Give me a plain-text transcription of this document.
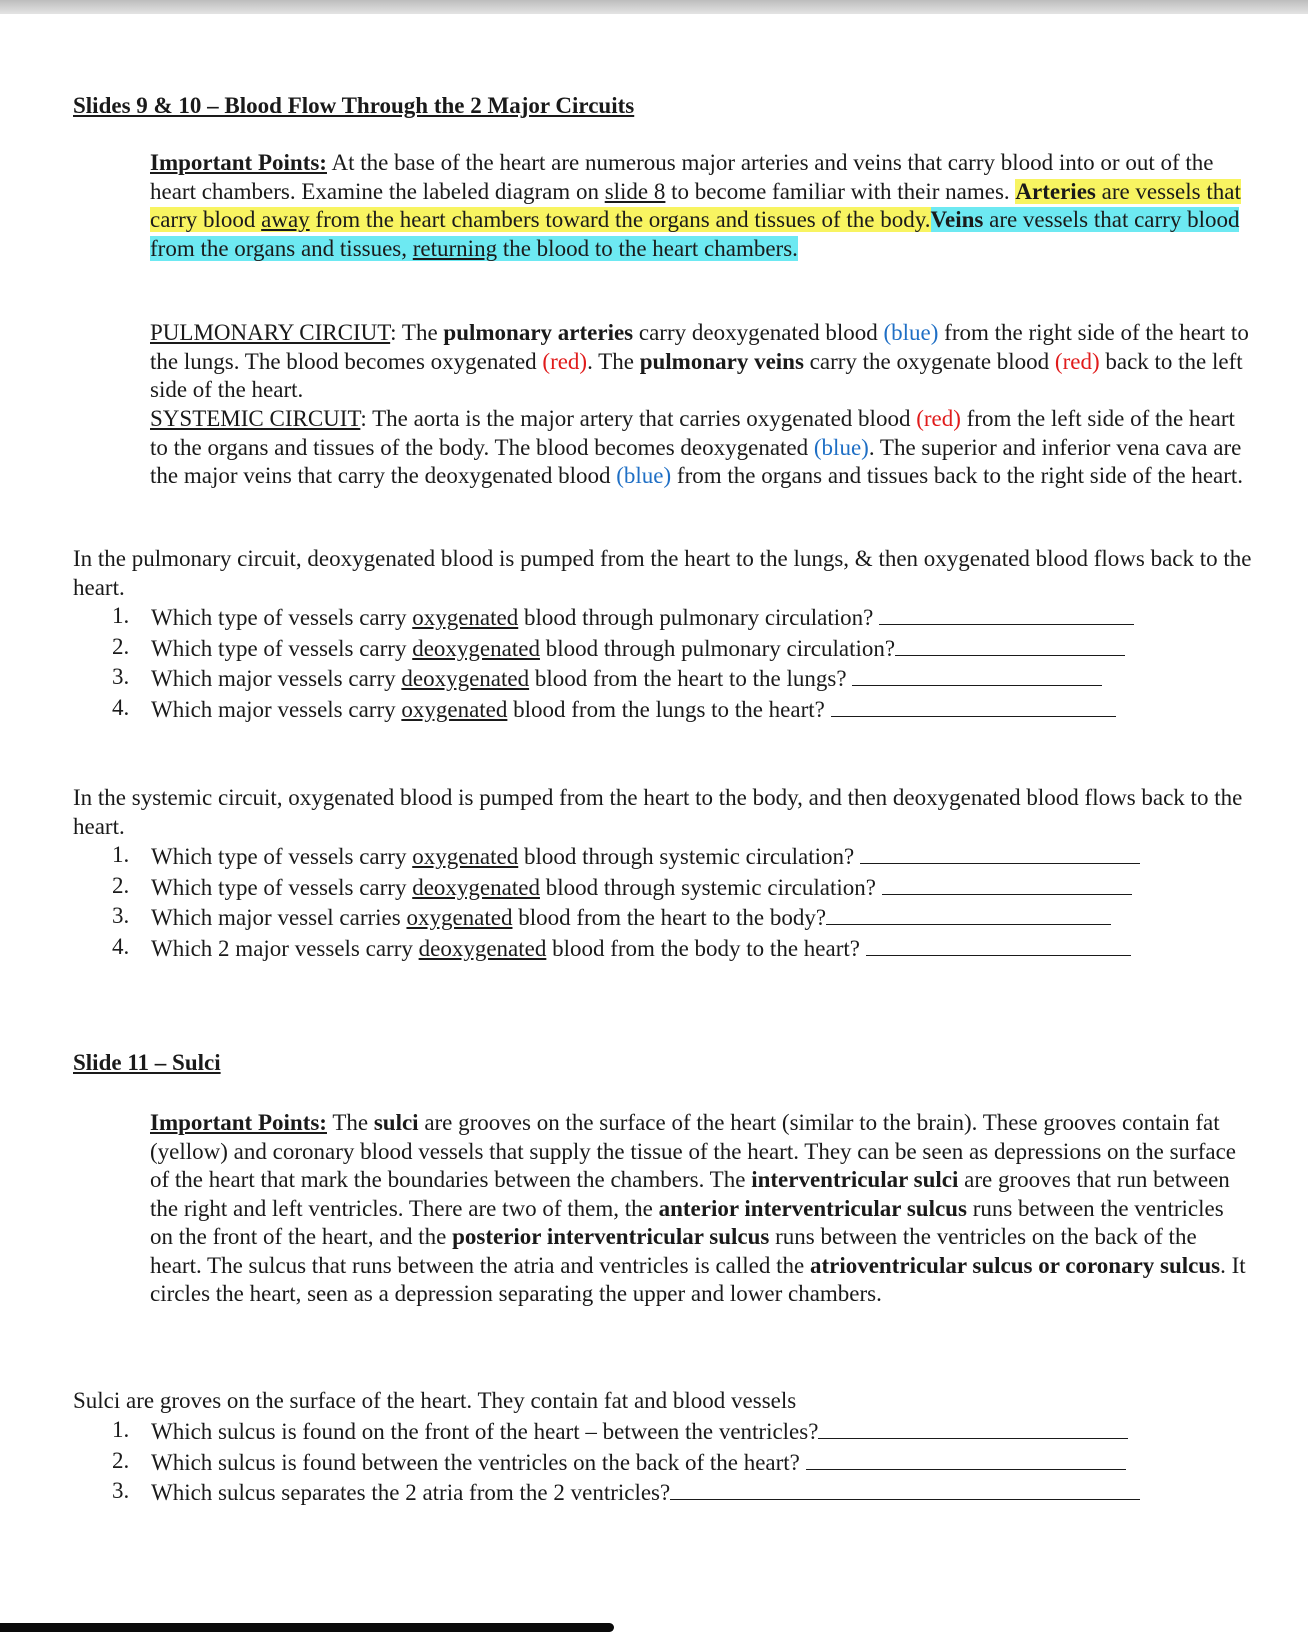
Slides 9 & 10 – Blood Flow Through the 2 Major Circuits

Important Points: At the base of the heart are numerous major arteries and veins that carry blood into or out of the heart chambers. Examine the labeled diagram on slide 8 to become familiar with their names. Arteries are vessels that carry blood away from the heart chambers toward the organs and tissues of the body.Veins are vessels that carry blood from the organs and tissues, returning the blood to the heart chambers.

PULMONARY CIRCIUT: The pulmonary arteries carry deoxygenated blood (blue) from the right side of the heart to the lungs. The blood becomes oxygenated (red). The pulmonary veins carry the oxygenate blood (red) back to the left side of the heart.

SYSTEMIC CIRCUIT: The aorta is the major artery that carries oxygenated blood (red) from the left side of the heart to the organs and tissues of the body. The blood becomes deoxygenated (blue). The superior and inferior vena cava are the major veins that carry the deoxygenated blood (blue) from the organs and tissues back to the right side of the heart.

In the pulmonary circuit, deoxygenated blood is pumped from the heart to the lungs, & then oxygenated blood flows back to the heart.

1. Which type of vessels carry oxygenated blood through pulmonary circulation?
2. Which type of vessels carry deoxygenated blood through pulmonary circulation?
3. Which major vessels carry deoxygenated blood from the heart to the lungs?
4. Which major vessels carry oxygenated blood from the lungs to the heart?

In the systemic circuit, oxygenated blood is pumped from the heart to the body, and then deoxygenated blood flows back to the heart.

1. Which type of vessels carry oxygenated blood through systemic circulation?
2. Which type of vessels carry deoxygenated blood through systemic circulation?
3. Which major vessel carries oxygenated blood from the heart to the body?
4. Which 2 major vessels carry deoxygenated blood from the body to the heart?
Slide 11 – Sulci

Important Points: The sulci are grooves on the surface of the heart (similar to the brain). These grooves contain fat (yellow) and coronary blood vessels that supply the tissue of the heart. They can be seen as depressions on the surface of the heart that mark the boundaries between the chambers. The interventricular sulci are grooves that run between the right and left ventricles. There are two of them, the anterior interventricular sulcus runs between the ventricles on the front of the heart, and the posterior interventricular sulcus runs between the ventricles on the back of the heart. The sulcus that runs between the atria and ventricles is called the atrioventricular sulcus or coronary sulcus. It circles the heart, seen as a depression separating the upper and lower chambers.

Sulci are groves on the surface of the heart. They contain fat and blood vessels

1. Which sulcus is found on the front of the heart – between the ventricles?
2. Which sulcus is found between the ventricles on the back of the heart?
3. Which sulcus separates the 2 atria from the 2 ventricles?
